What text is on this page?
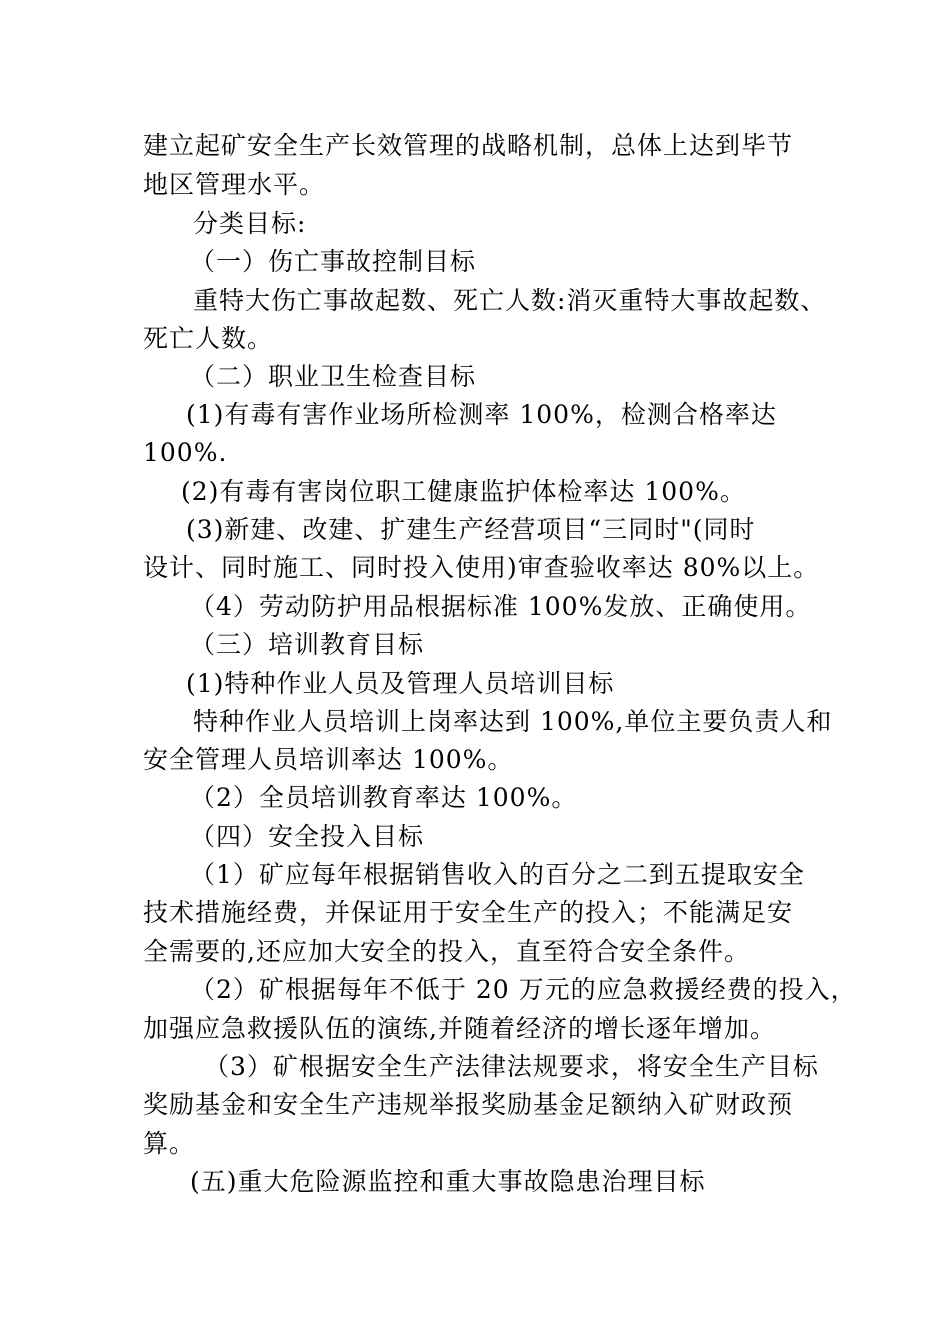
建立起矿安全生产长效管理的战略机制，总体上达到毕节
地区管理水平。
分类目标:
（一）伤亡事故控制目标
重特大伤亡事故起数、死亡人数:消灭重特大事故起数、
死亡人数。
（二）职业卫生检查目标
(1)有毒有害作业场所检测率 100%，检测合格率达
100%.
(2)有毒有害岗位职工健康监护体检率达 100%。
(3)新建、改建、扩建生产经营项目“三同时"(同时
设计、同时施工、同时投入使用)审查验收率达 80%以上。
（4）劳动防护用品根据标准 100%发放、正确使用。
（三）培训教育目标
(1)特种作业人员及管理人员培训目标
特种作业人员培训上岗率达到 100%,单位主要负责人和
安全管理人员培训率达 100%。
（2）全员培训教育率达 100%。
（四）安全投入目标
（1）矿应每年根据销售收入的百分之二到五提取安全
技术措施经费，并保证用于安全生产的投入；不能满足安
全需要的,还应加大安全的投入，直至符合安全条件。
（2）矿根据每年不低于 20 万元的应急救援经费的投入，
加强应急救援队伍的演练,并随着经济的增长逐年增加。
（3）矿根据安全生产法律法规要求，将安全生产目标
奖励基金和安全生产违规举报奖励基金足额纳入矿财政预
算。
(五)重大危险源监控和重大事故隐患治理目标
